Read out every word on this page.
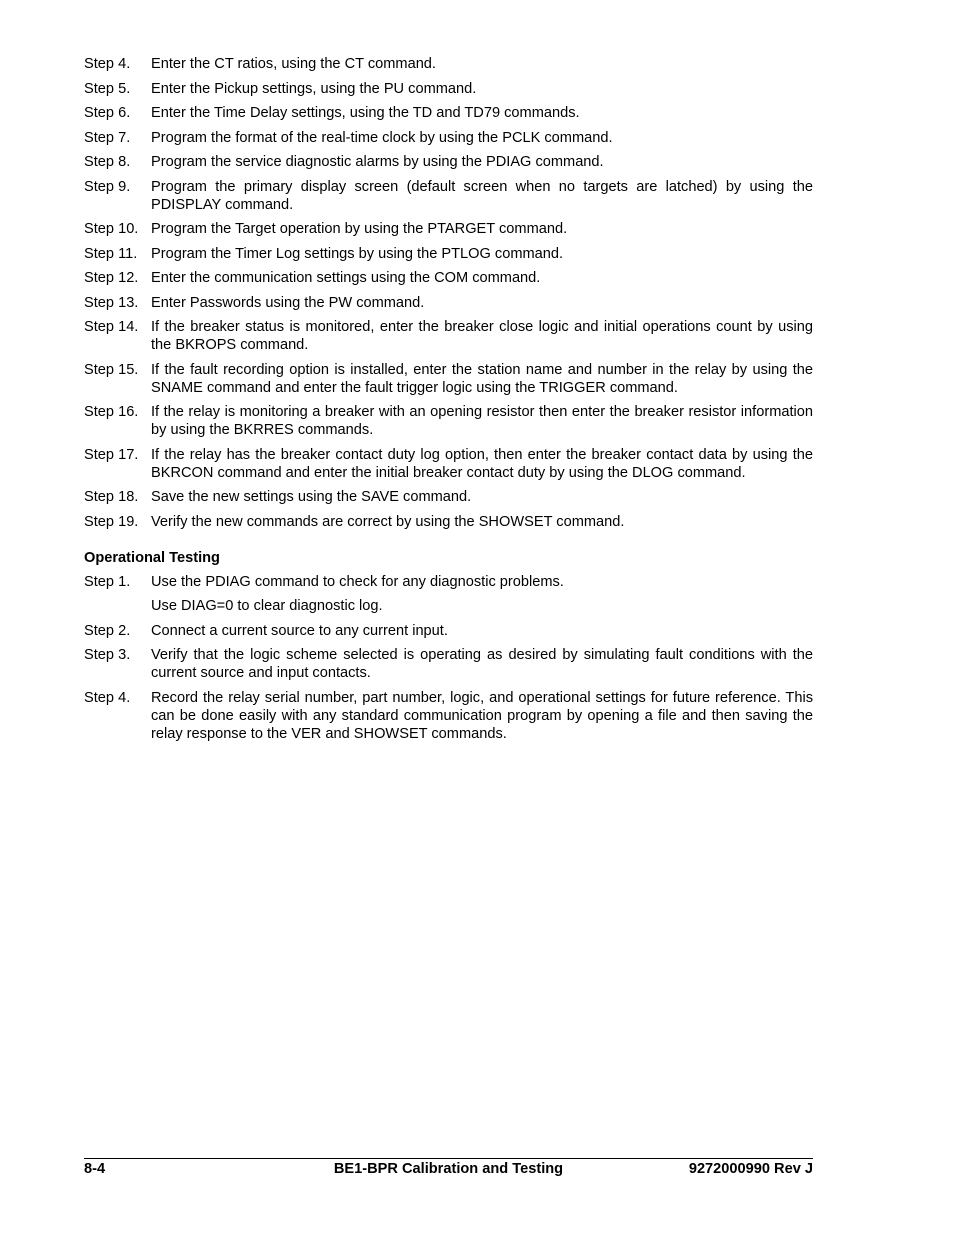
Step 4.	Enter the CT ratios, using the CT command.
Step 5.	Enter the Pickup settings, using the PU command.
Step 6.	Enter the Time Delay settings, using the TD and TD79 commands.
Step 7.	Program the format of the real-time clock by using the PCLK command.
Step 8.	Program the service diagnostic alarms by using the PDIAG command.
Step 9.	Program the primary display screen (default screen when no targets are latched) by using the PDISPLAY command.
Step 10. Program the Target operation by using the PTARGET command.
Step 11. Program the Timer Log settings by using the PTLOG command.
Step 12. Enter the communication settings using the COM command.
Step 13. Enter Passwords using the PW command.
Step 14. If the breaker status is monitored, enter the breaker close logic and initial operations count by using the BKROPS command.
Step 15. If the fault recording option is installed, enter the station name and number in the relay by using the SNAME command and enter the fault trigger logic using the TRIGGER command.
Step 16. If the relay is monitoring a breaker with an opening resistor then enter the breaker resistor information by using the BKRRES commands.
Step 17. If the relay has the breaker contact duty log option, then enter the breaker contact data by using the BKRCON command and enter the initial breaker contact duty by using the DLOG command.
Step 18. Save the new settings using the SAVE command.
Step 19. Verify the new commands are correct by using the SHOWSET command.
Operational Testing
Step 1.	Use the PDIAG command to check for any diagnostic problems.
Use DIAG=0 to clear diagnostic log.
Step 2.	Connect a current source to any current input.
Step 3.	Verify that the logic scheme selected is operating as desired by simulating fault conditions with the current source and input contacts.
Step 4.	Record the relay serial number, part number, logic, and operational settings for future reference. This can be done easily with any standard communication program by opening a file and then saving the relay response to the VER and SHOWSET commands.
BE1-BPR Calibration and Testing
8-4	9272000990 Rev J
